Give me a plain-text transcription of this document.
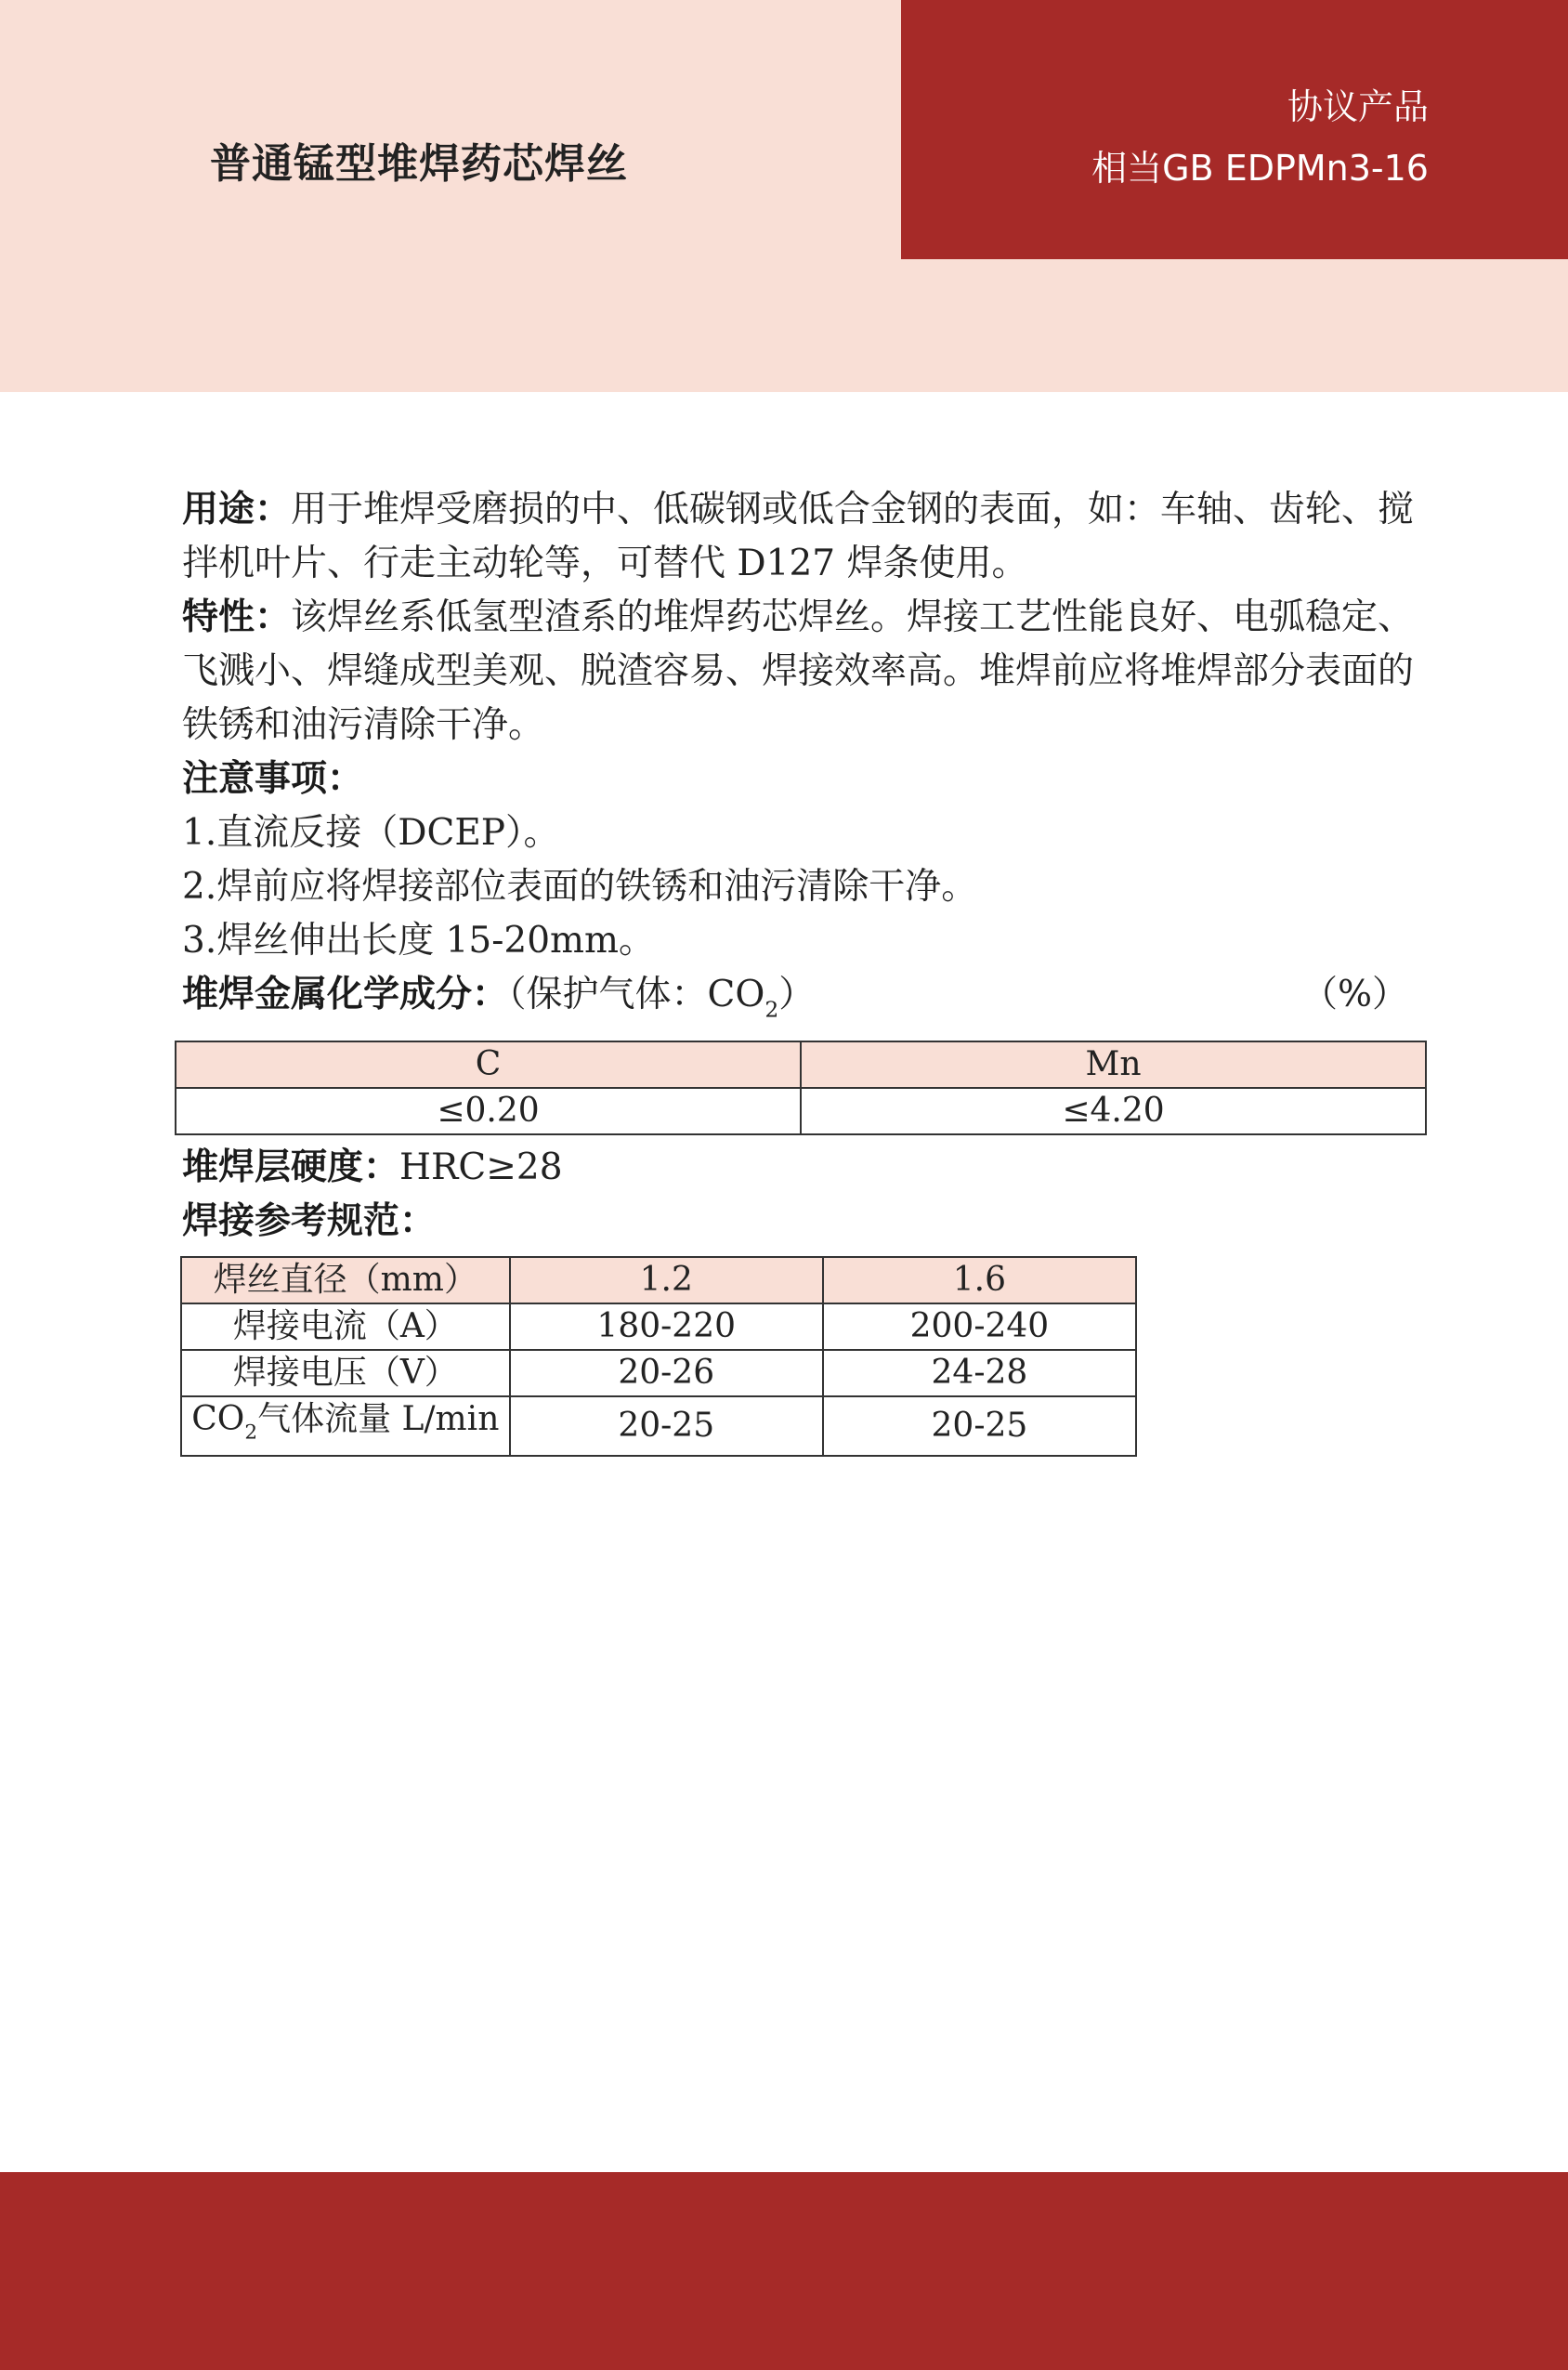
普通锰型堆焊药芯焊丝
协议产品
相当GB EDPMn3-16

用途：用于堆焊受磨损的中、低碳钢或低合金钢的表面，如：车轴、齿轮、搅拌机叶片、行走主动轮等，可替代 D127 焊条使用。

特性：该焊丝系低氢型渣系的堆焊药芯焊丝。焊接工艺性能良好、电弧稳定、飞溅小、焊缝成型美观、脱渣容易、焊接效率高。堆焊前应将堆焊部分表面的铁锈和油污清除干净。

注意事项：

1.直流反接（DCEP）。

2.焊前应将焊接部位表面的铁锈和油污清除干净。

3.焊丝伸出长度 15-20mm。

堆焊金属化学成分：（保护气体：$CO_2$）	（%）
C	Mn
≤0.20	≤4.20

堆焊层硬度：HRC≥28

焊接参考规范：

焊丝直径（mm）	1.2	1.6
焊接电流（A）	180-220	200-240
焊接电压（V）	20-26	24-28
$CO_2$气体流量 L/min	20-25	20-25
